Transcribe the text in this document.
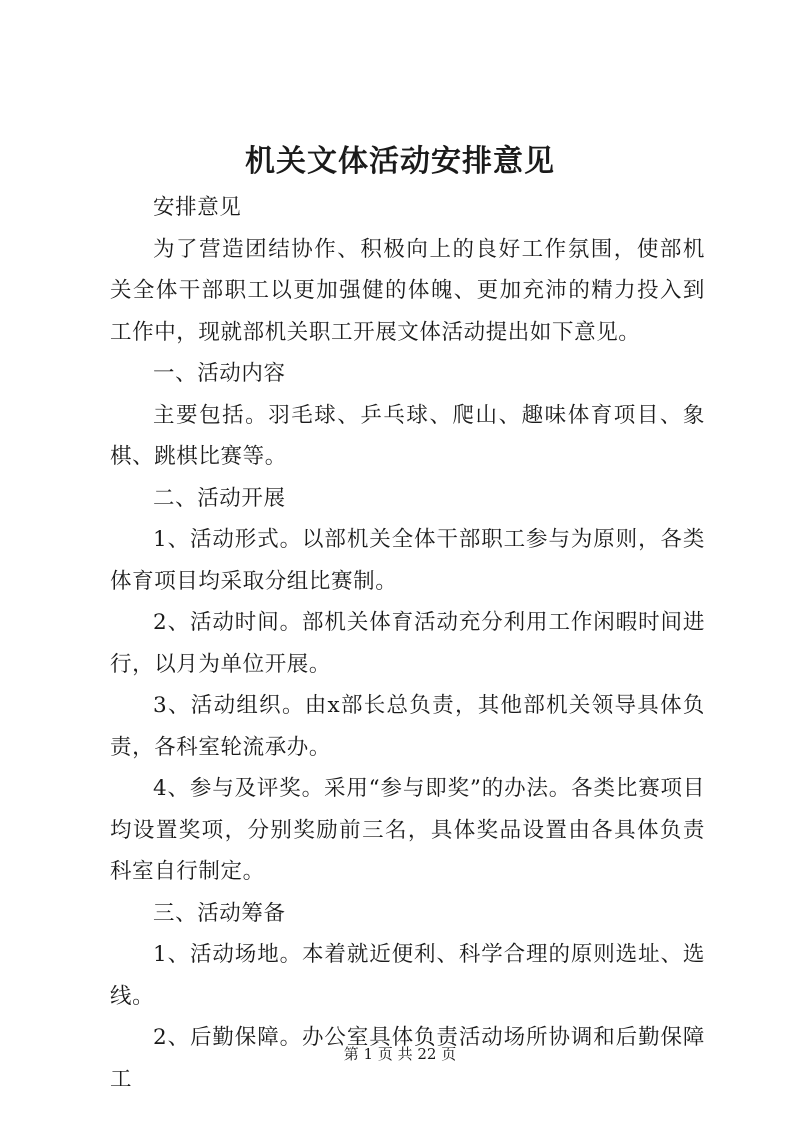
机关文体活动安排意见

安排意见

为了营造团结协作、积极向上的良好工作氛围，使部机关全体干部职工以更加强健的体魄、更加充沛的精力投入到工作中，现就部机关职工开展文体活动提出如下意见。

一、活动内容

主要包括。羽毛球、乒乓球、爬山、趣味体育项目、象棋、跳棋比赛等。

二、活动开展

1、活动形式。以部机关全体干部职工参与为原则，各类体育项目均采取分组比赛制。

2、活动时间。部机关体育活动充分利用工作闲暇时间进行，以月为单位开展。

3、活动组织。由x部长总负责，其他部机关领导具体负责，各科室轮流承办。

4、参与及评奖。采用“参与即奖”的办法。各类比赛项目均设置奖项，分别奖励前三名，具体奖品设置由各具体负责科室自行制定。

三、活动筹备

1、活动场地。本着就近便利、科学合理的原则选址、选线。

2、后勤保障。办公室具体负责活动场所协调和后勤保障工

第 1 页 共 22 页
